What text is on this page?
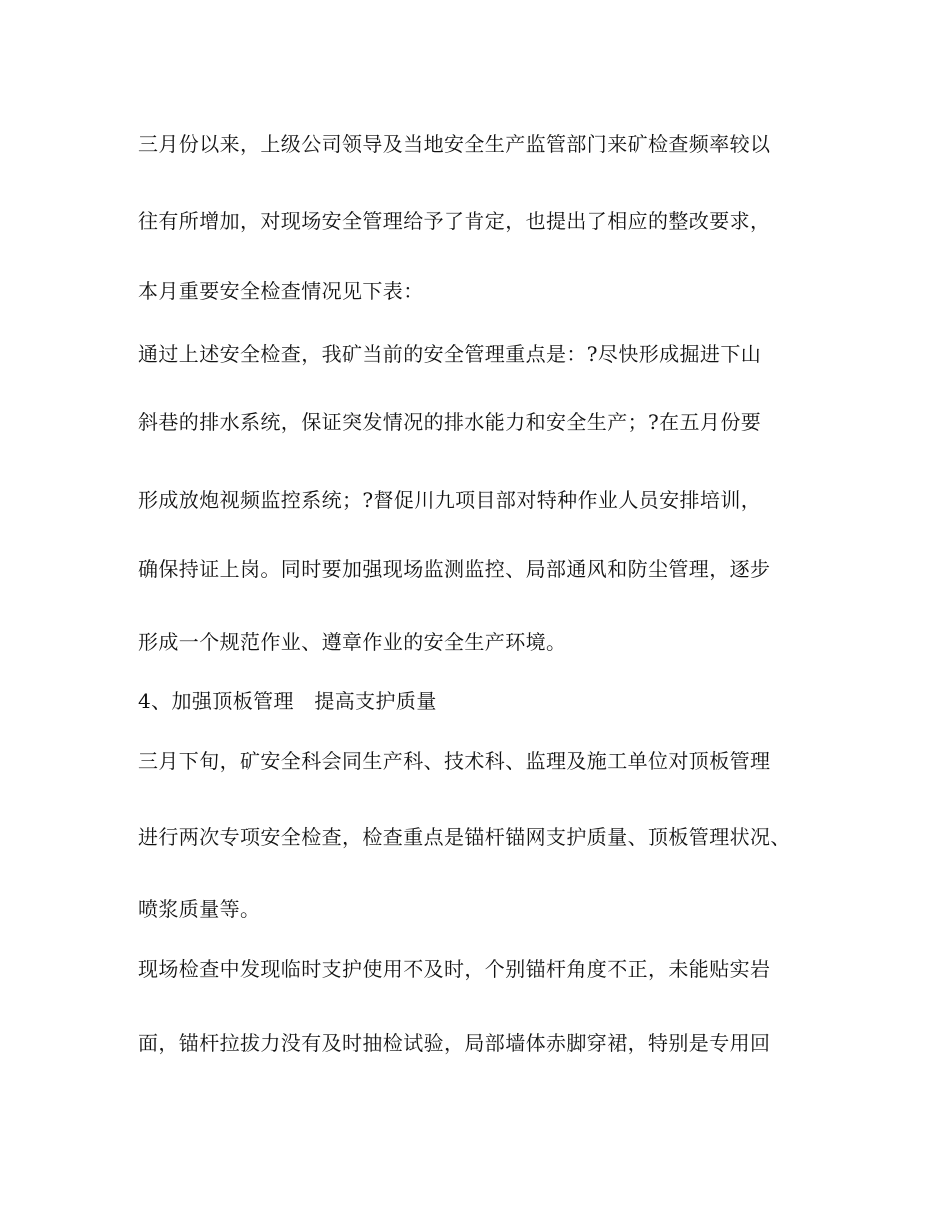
三月份以来，上级公司领导及当地安全生产监管部门来矿检查频率较以
往有所增加，对现场安全管理给予了肯定，也提出了相应的整改要求，
本月重要安全检查情况见下表：
通过上述安全检查，我矿当前的安全管理重点是：?尽快形成掘进下山
斜巷的排水系统，保证突发情况的排水能力和安全生产；?在五月份要
形成放炮视频监控系统；?督促川九项目部对特种作业人员安排培训，
确保持证上岗。同时要加强现场监测监控、局部通风和防尘管理，逐步
形成一个规范作业、遵章作业的安全生产环境。
4、加强顶板管理　提高支护质量
三月下旬，矿安全科会同生产科、技术科、监理及施工单位对顶板管理
进行两次专项安全检查，检查重点是锚杆锚网支护质量、顶板管理状况、
喷浆质量等。
现场检查中发现临时支护使用不及时，个别锚杆角度不正，未能贴实岩
面，锚杆拉拔力没有及时抽检试验，局部墙体赤脚穿裙，特别是专用回
